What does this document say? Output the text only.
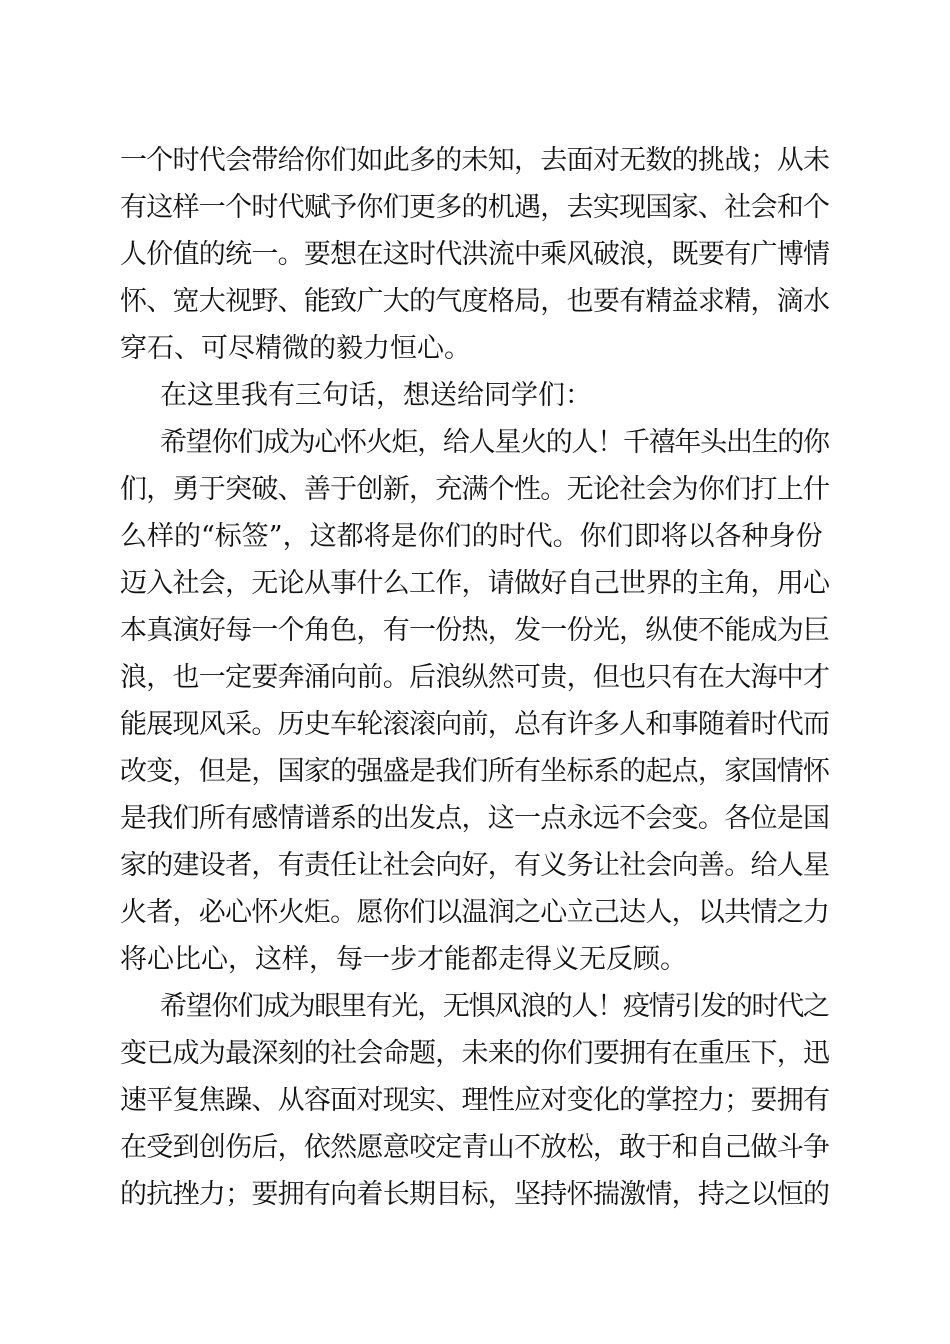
一个时代会带给你们如此多的未知，去面对无数的挑战；从未
有这样一个时代赋予你们更多的机遇，去实现国家、社会和个
人价值的统一。要想在这时代洪流中乘风破浪，既要有广博情
怀、宽大视野、能致广大的气度格局，也要有精益求精，滴水
穿石、可尽精微的毅力恒心。
在这里我有三句话，想送给同学们：
希望你们成为心怀火炬，给人星火的人！千禧年头出生的你
们，勇于突破、善于创新，充满个性。无论社会为你们打上什
么样的“标签”，这都将是你们的时代。你们即将以各种身份
迈入社会，无论从事什么工作，请做好自己世界的主角，用心
本真演好每一个角色，有一份热，发一份光，纵使不能成为巨
浪，也一定要奔涌向前。后浪纵然可贵，但也只有在大海中才
能展现风采。历史车轮滚滚向前，总有许多人和事随着时代而
改变，但是，国家的强盛是我们所有坐标系的起点，家国情怀
是我们所有感情谱系的出发点，这一点永远不会变。各位是国
家的建设者，有责任让社会向好，有义务让社会向善。给人星
火者，必心怀火炬。愿你们以温润之心立己达人，以共情之力
将心比心，这样，每一步才能都走得义无反顾。
希望你们成为眼里有光，无惧风浪的人！疫情引发的时代之
变已成为最深刻的社会命题，未来的你们要拥有在重压下，迅
速平复焦躁、从容面对现实、理性应对变化的掌控力；要拥有
在受到创伤后，依然愿意咬定青山不放松，敢于和自己做斗争
的抗挫力；要拥有向着长期目标，坚持怀揣激情，持之以恒的
